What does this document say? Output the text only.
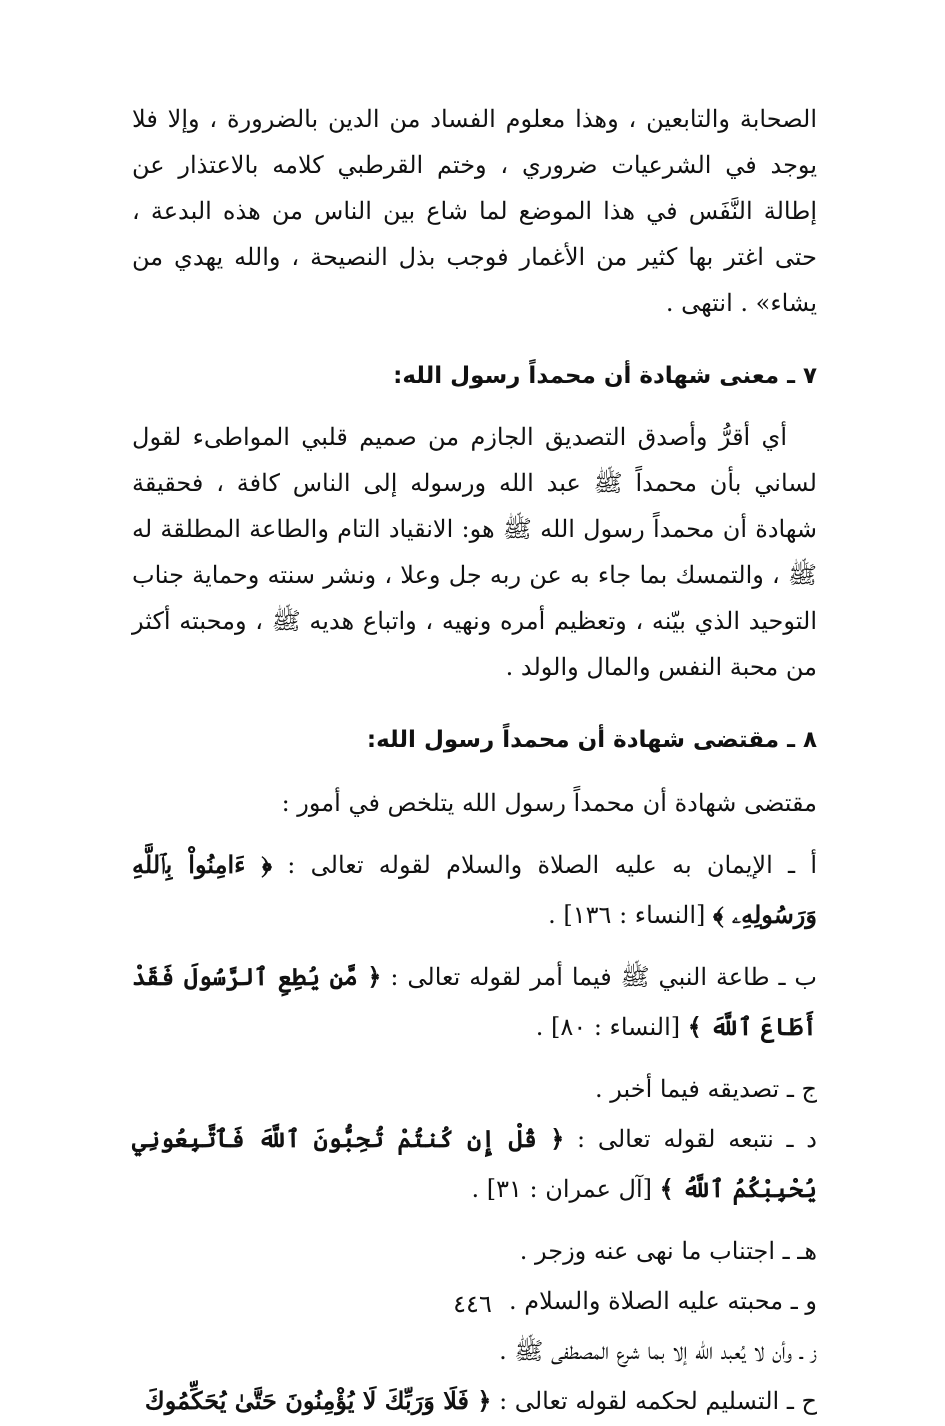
الصحابة والتابعين ، وهذا معلوم الفساد من الدين بالضرورة ، وإلا فلا يوجد في الشرعيات ضروري ، وختم القرطبي كلامه بالاعتذار عن إطالة النَّفَس في هذا الموضع لما شاع بين الناس من هذه البدعة ، حتى اغتر بها كثير من الأغمار فوجب بذل النصيحة ، والله يهدي من يشاء» . انتهى .

٧ ـ معنى شهادة أن محمداً رسول الله:

أي أقرُّ وأصدق التصديق الجازم من صميم قلبي المواطىء لقول لساني بأن محمداً ﷺ عبد الله ورسوله إلى الناس كافة ، فحقيقة شهادة أن محمداً رسول الله ﷺ هو: الانقياد التام والطاعة المطلقة له ﷺ ، والتمسك بما جاء به عن ربه جل وعلا ، ونشر سنته وحماية جناب التوحيد الذي بيّنه ، وتعظيم أمره ونهيه ، واتباع هديه ﷺ ، ومحبته أكثر من محبة النفس والمال والولد .

٨ ـ مقتضى شهادة أن محمداً رسول الله:

مقتضى شهادة أن محمداً رسول الله يتلخص في أمور :

أ ـ الإيمان به عليه الصلاة والسلام لقوله تعالى : ﴿ ءَامِنُواْ بِٱللَّهِ وَرَسُولِهِۦ ﴾ [النساء : ١٣٦] .

ب ـ طاعة النبي ﷺ فيما أمر لقوله تعالى : ﴿ مَّن يُطِعِ ٱلرَّسُولَ فَقَدْ أَطَاعَ ٱللَّهَ ﴾ [النساء : ٨٠] .

ج ـ تصديقه فيما أخبر .

د ـ نتبعه لقوله تعالى : ﴿ قُلْ إِن كُنتُمْ تُحِبُّونَ ٱللَّهَ فَٱتَّبِعُونِي يُحْبِبْكُمُ ٱللَّهُ ﴾ [آل عمران : ٣١] .

هـ ـ اجتناب ما نهى عنه وزجر .

و ـ محبته عليه الصلاة والسلام .

ز ـ وأن لا يُعبد الله إلا بما شرع المصطفى ﷺ .

ح ـ التسليم لحكمه لقوله تعالى : ﴿ فَلَا وَرَبِّكَ لَا يُؤْمِنُونَ حَتَّىٰ يُحَكِّمُوكَ

٤٤٦
